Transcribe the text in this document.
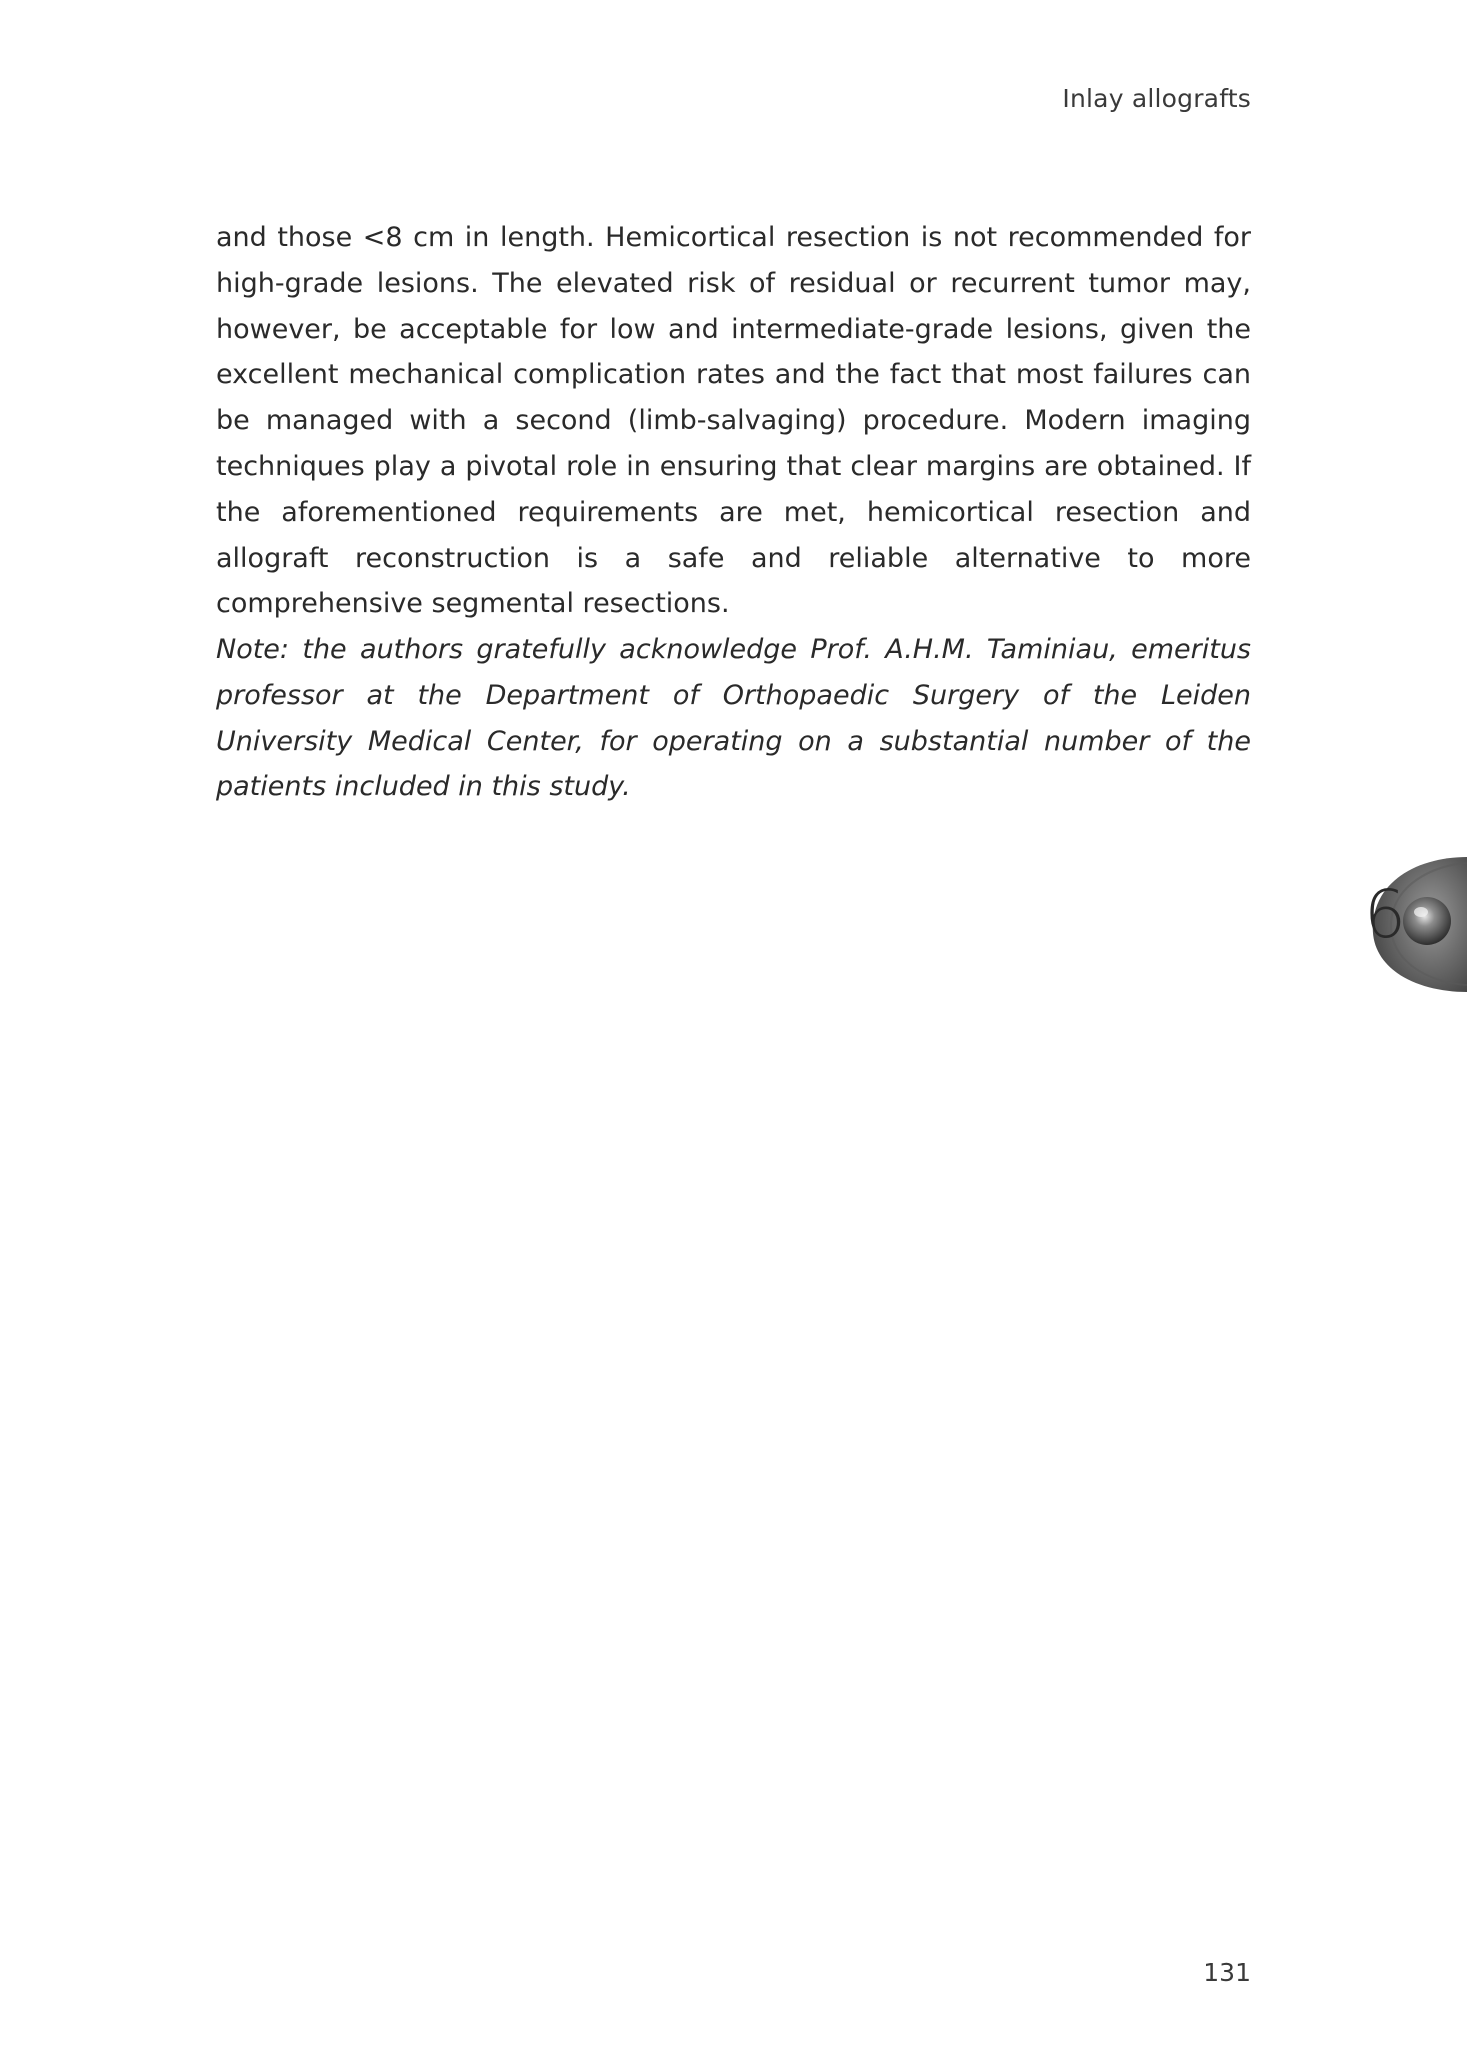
Inlay allografts

and those <8 cm in length. Hemicortical resection is not recommended for high-grade lesions. The elevated risk of residual or recurrent tumor may, however, be acceptable for low and intermediate-grade lesions, given the excellent mechanical complication rates and the fact that most failures can be managed with a second (limb-salvaging) procedure. Modern imaging techniques play a pivotal role in ensuring that clear margins are obtained. If the aforementioned requirements are met, hemicortical resection and allograft reconstruction is a safe and reliable alternative to more comprehensive segmental resections.

Note: the authors gratefully acknowledge Prof. A.H.M. Taminiau, emeritus professor at the Department of Orthopaedic Surgery of the Leiden University Medical Center, for operating on a substantial number of the patients included in this study.

6
131
